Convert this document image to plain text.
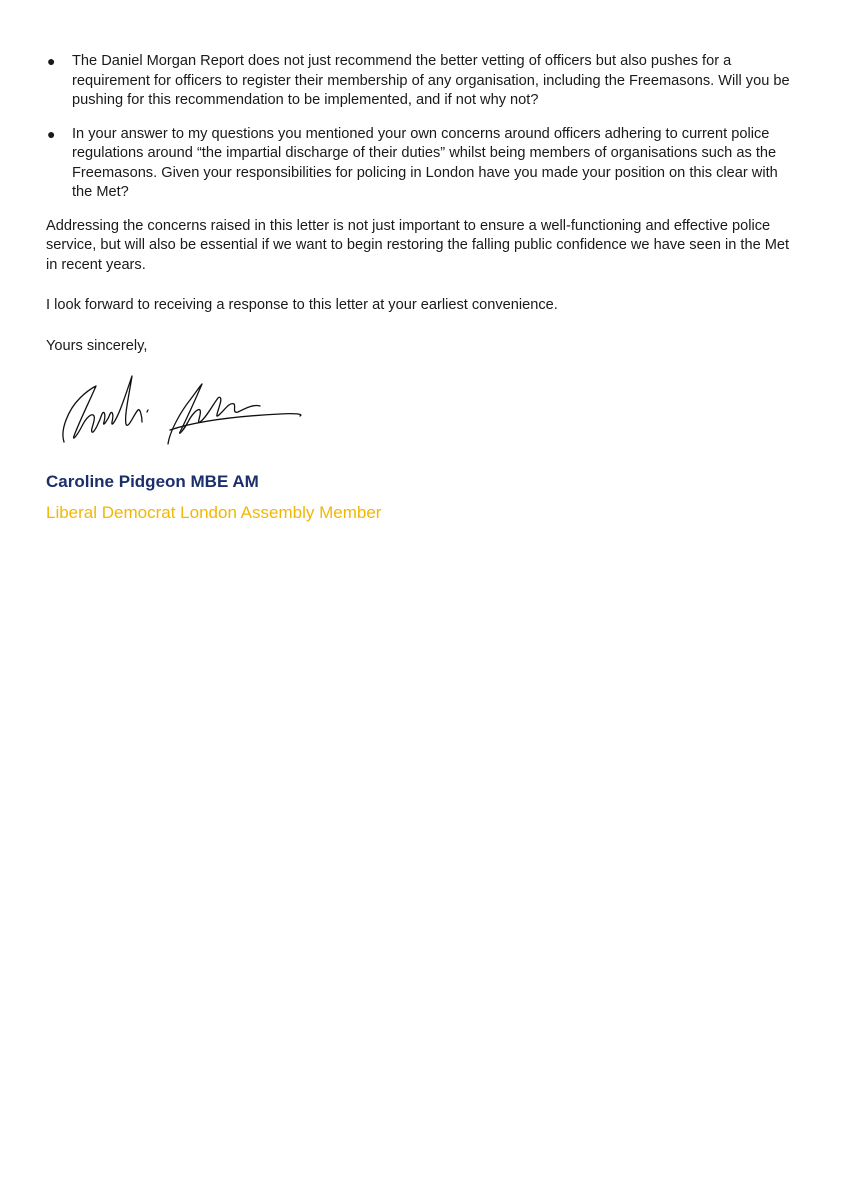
● The Daniel Morgan Report does not just recommend the better vetting of officers but also pushes for a requirement for officers to register their membership of any organisation, including the Freemasons. Will you be pushing for this recommendation to be implemented, and if not why not?
● In your answer to my questions you mentioned your own concerns around officers adhering to current police regulations around “the impartial discharge of their duties” whilst being members of organisations such as the Freemasons. Given your responsibilities for policing in London have you made your position on this clear with the Met?

Addressing the concerns raised in this letter is not just important to ensure a well-functioning and effective police service, but will also be essential if we want to begin restoring the falling public confidence we have seen in the Met in recent years.

I look forward to receiving a response to this letter at your earliest convenience.

Yours sincerely,

Caroline Pidgeon MBE AM
Liberal Democrat London Assembly Member
